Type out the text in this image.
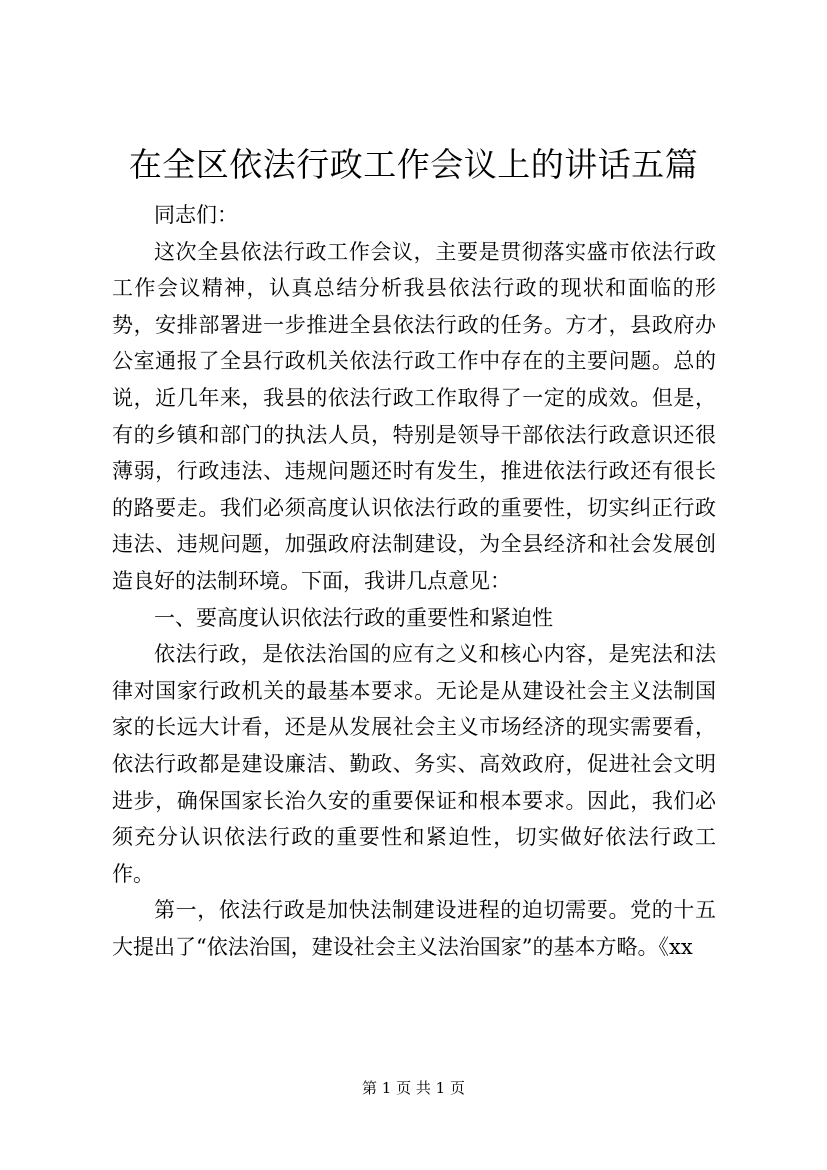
在全区依法行政工作会议上的讲话五篇

同志们：

这次全县依法行政工作会议，主要是贯彻落实盛市依法行政工作会议精神，认真总结分析我县依法行政的现状和面临的形势，安排部署进一步推进全县依法行政的任务。方才，县政府办公室通报了全县行政机关依法行政工作中存在的主要问题。总的说，近几年来，我县的依法行政工作取得了一定的成效。但是，有的乡镇和部门的执法人员，特别是领导干部依法行政意识还很薄弱，行政违法、违规问题还时有发生，推进依法行政还有很长的路要走。我们必须高度认识依法行政的重要性，切实纠正行政违法、违规问题，加强政府法制建设，为全县经济和社会发展创造良好的法制环境。下面，我讲几点意见：

一、要高度认识依法行政的重要性和紧迫性

依法行政，是依法治国的应有之义和核心内容，是宪法和法律对国家行政机关的最基本要求。无论是从建设社会主义法制国家的长远大计看，还是从发展社会主义市场经济的现实需要看，依法行政都是建设廉洁、勤政、务实、高效政府，促进社会文明进步，确保国家长治久安的重要保证和根本要求。因此，我们必须充分认识依法行政的重要性和紧迫性，切实做好依法行政工作。

第一，依法行政是加快法制建设进程的迫切需要。党的十五大提出了“依法治国，建设社会主义法治国家”的基本方略。《xx

第 1 页 共 1 页
